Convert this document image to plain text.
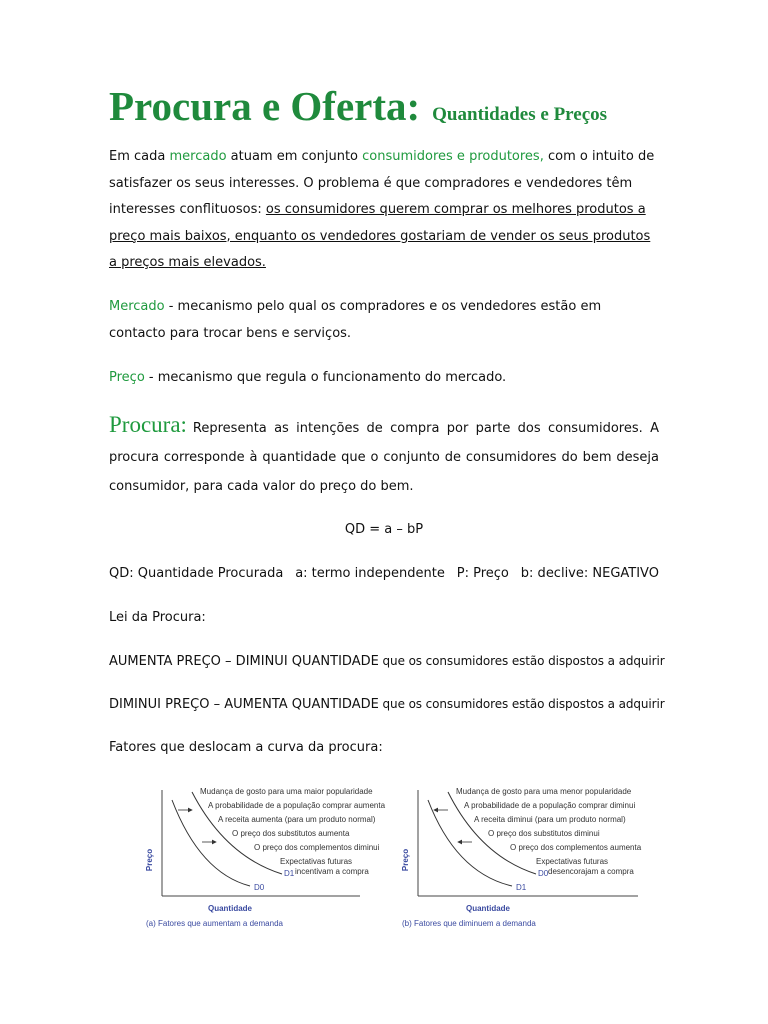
Procura e Oferta: Quantidades e Preços

Em cada mercado atuam em conjunto consumidores e produtores, com o intuito de satisfazer os seus interesses. O problema é que compradores e vendedores têm interesses conflituosos: os consumidores querem comprar os melhores produtos a preço mais baixos, enquanto os vendedores gostariam de vender os seus produtos a preços mais elevados.

Mercado - mecanismo pelo qual os compradores e os vendedores estão em contacto para trocar bens e serviços.

Preço - mecanismo que regula o funcionamento do mercado.

Procura: Representa as intenções de compra por parte dos consumidores. A procura corresponde à quantidade que o conjunto de consumidores do bem deseja consumidor, para cada valor do preço do bem.

QD = a – bP

QD: Quantidade Procurada a: termo independente P: Preço b: declive: NEGATIVO

Lei da Procura:

AUMENTA PREÇO – DIMINUI QUANTIDADE que os consumidores estão dispostos a adquirir

DIMINUI PREÇO – AUMENTA QUANTIDADE que os consumidores estão dispostos a adquirir

Fatores que deslocam a curva da procura:

Preço
Mudança de gosto para uma maior popularidade
A probabilidade de a população comprar aumenta
A receita aumenta (para um produto normal)
O preço dos substitutos aumenta
O preço dos complementos diminui
Expectativas futuras
incentivam a compra
D1
D0
Quantidade
(a) Fatores que aumentam a demanda
Preço
Mudança de gosto para uma menor popularidade
A probabilidade de a população comprar diminui
A receita diminui (para um produto normal)
O preço dos substitutos diminui
O preço dos complementos aumenta
Expectativas futuras
desencorajam a compra
D0
D1
Quantidade
(b) Fatores que diminuem a demanda
